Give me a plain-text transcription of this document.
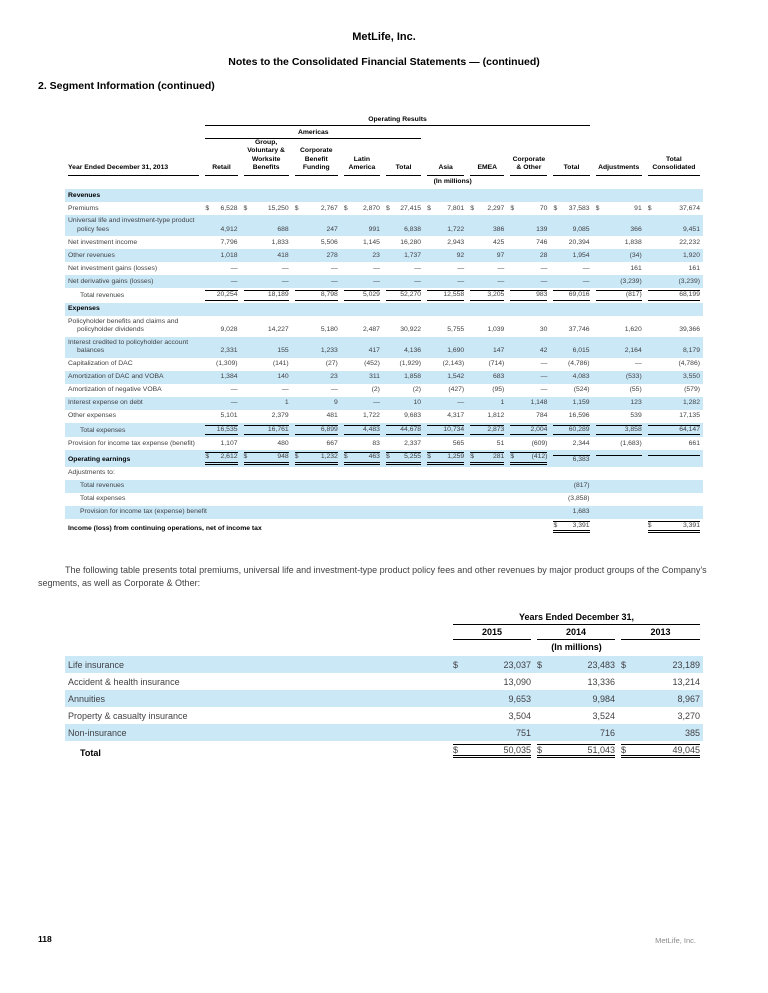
MetLife, Inc.
Notes to the Consolidated Financial Statements — (continued)
2. Segment Information (continued)

	Operating Results										

	Americas										

Year Ended December 31, 2013	Retail	Group, Voluntary & Worksite Benefits	Corporate Benefit Funding	Latin America	Total	Asia	EMEA	Corporate & Other	Total	Adjustments	Total Consolidated

	(In millions)										

Revenues											

Premiums	$ 6,528	$ 15,250	$ 2,767	$ 2,870	$ 27,415	$ 7,801	$ 2,297	$ 70	$ 37,583	$ 91	$ 37,674

Universal life and investment-type product policy fees	4,912	688	247	991	6,838	1,722	386	139	9,085	366	9,451

Net investment income	7,796	1,833	5,506	1,145	16,280	2,943	425	746	20,394	1,838	22,232

Other revenues	1,018	418	278	23	1,737	92	97	28	1,954	(34)	1,920

Net investment gains (losses)	—	—	—	—	—	—	—	—	—	161	161

Net derivative gains (losses)	—	—	—	—	—	—	—	—	—	(3,239)	(3,239)

Total revenues	20,254	18,189	8,798	5,029	52,270	12,558	3,205	983	69,016	(817)	68,199

Expenses											

Policyholder benefits and claims and policyholder dividends	9,028	14,227	5,180	2,487	30,922	5,755	1,039	30	37,746	1,620	39,366

Interest credited to policyholder account balances	2,331	155	1,233	417	4,136	1,690	147	42	6,015	2,164	8,179

Capitalization of DAC	(1,309)	(141)	(27)	(452)	(1,929)	(2,143)	(714)	—	(4,786)	—	(4,786)

Amortization of DAC and VOBA	1,384	140	23	311	1,858	1,542	683	—	4,083	(533)	3,550

Amortization of negative VOBA	—	—	—	(2)	(2)	(427)	(95)	—	(524)	(55)	(579)

Interest expense on debt	—	1	9	—	10	—	1	1,148	1,159	123	1,282

Other expenses	5,101	2,379	481	1,722	9,683	4,317	1,812	784	16,596	539	17,135

Total expenses	16,535	16,761	6,899	4,483	44,678	10,734	2,873	2,004	60,289	3,858	64,147

Provision for income tax expense (benefit)	1,107	480	667	83	2,337	565	51	(609)	2,344	(1,683)	661

Operating earnings	$ 2,612	$ 948	$ 1,232	$ 463	$ 5,255	$ 1,259	$ 281	$ (412)	6,383		

Adjustments to:											

Total revenues									(817)		

Total expenses									(3,858)		

Provision for income tax (expense) benefit									1,683		

Income (loss) from continuing operations, net of income tax									$ 3,391		$ 3,391

The following table presents total premiums, universal life and investment-type product policy fees and other revenues by major product groups of the Company’s segments, as well as Corporate & Other:

	Years Ended December 31,		

	2015	2014	2013

	(In millions)		

Life insurance	$ 23,037	$ 23,483	$ 23,189

Accident & health insurance	13,090	13,336	13,214

Annuities	9,653	9,984	8,967

Property & casualty insurance	3,504	3,524	3,270

Non-insurance	751	716	385

Total	$ 50,035	$ 51,043	$ 49,045
118	MetLife, Inc.
